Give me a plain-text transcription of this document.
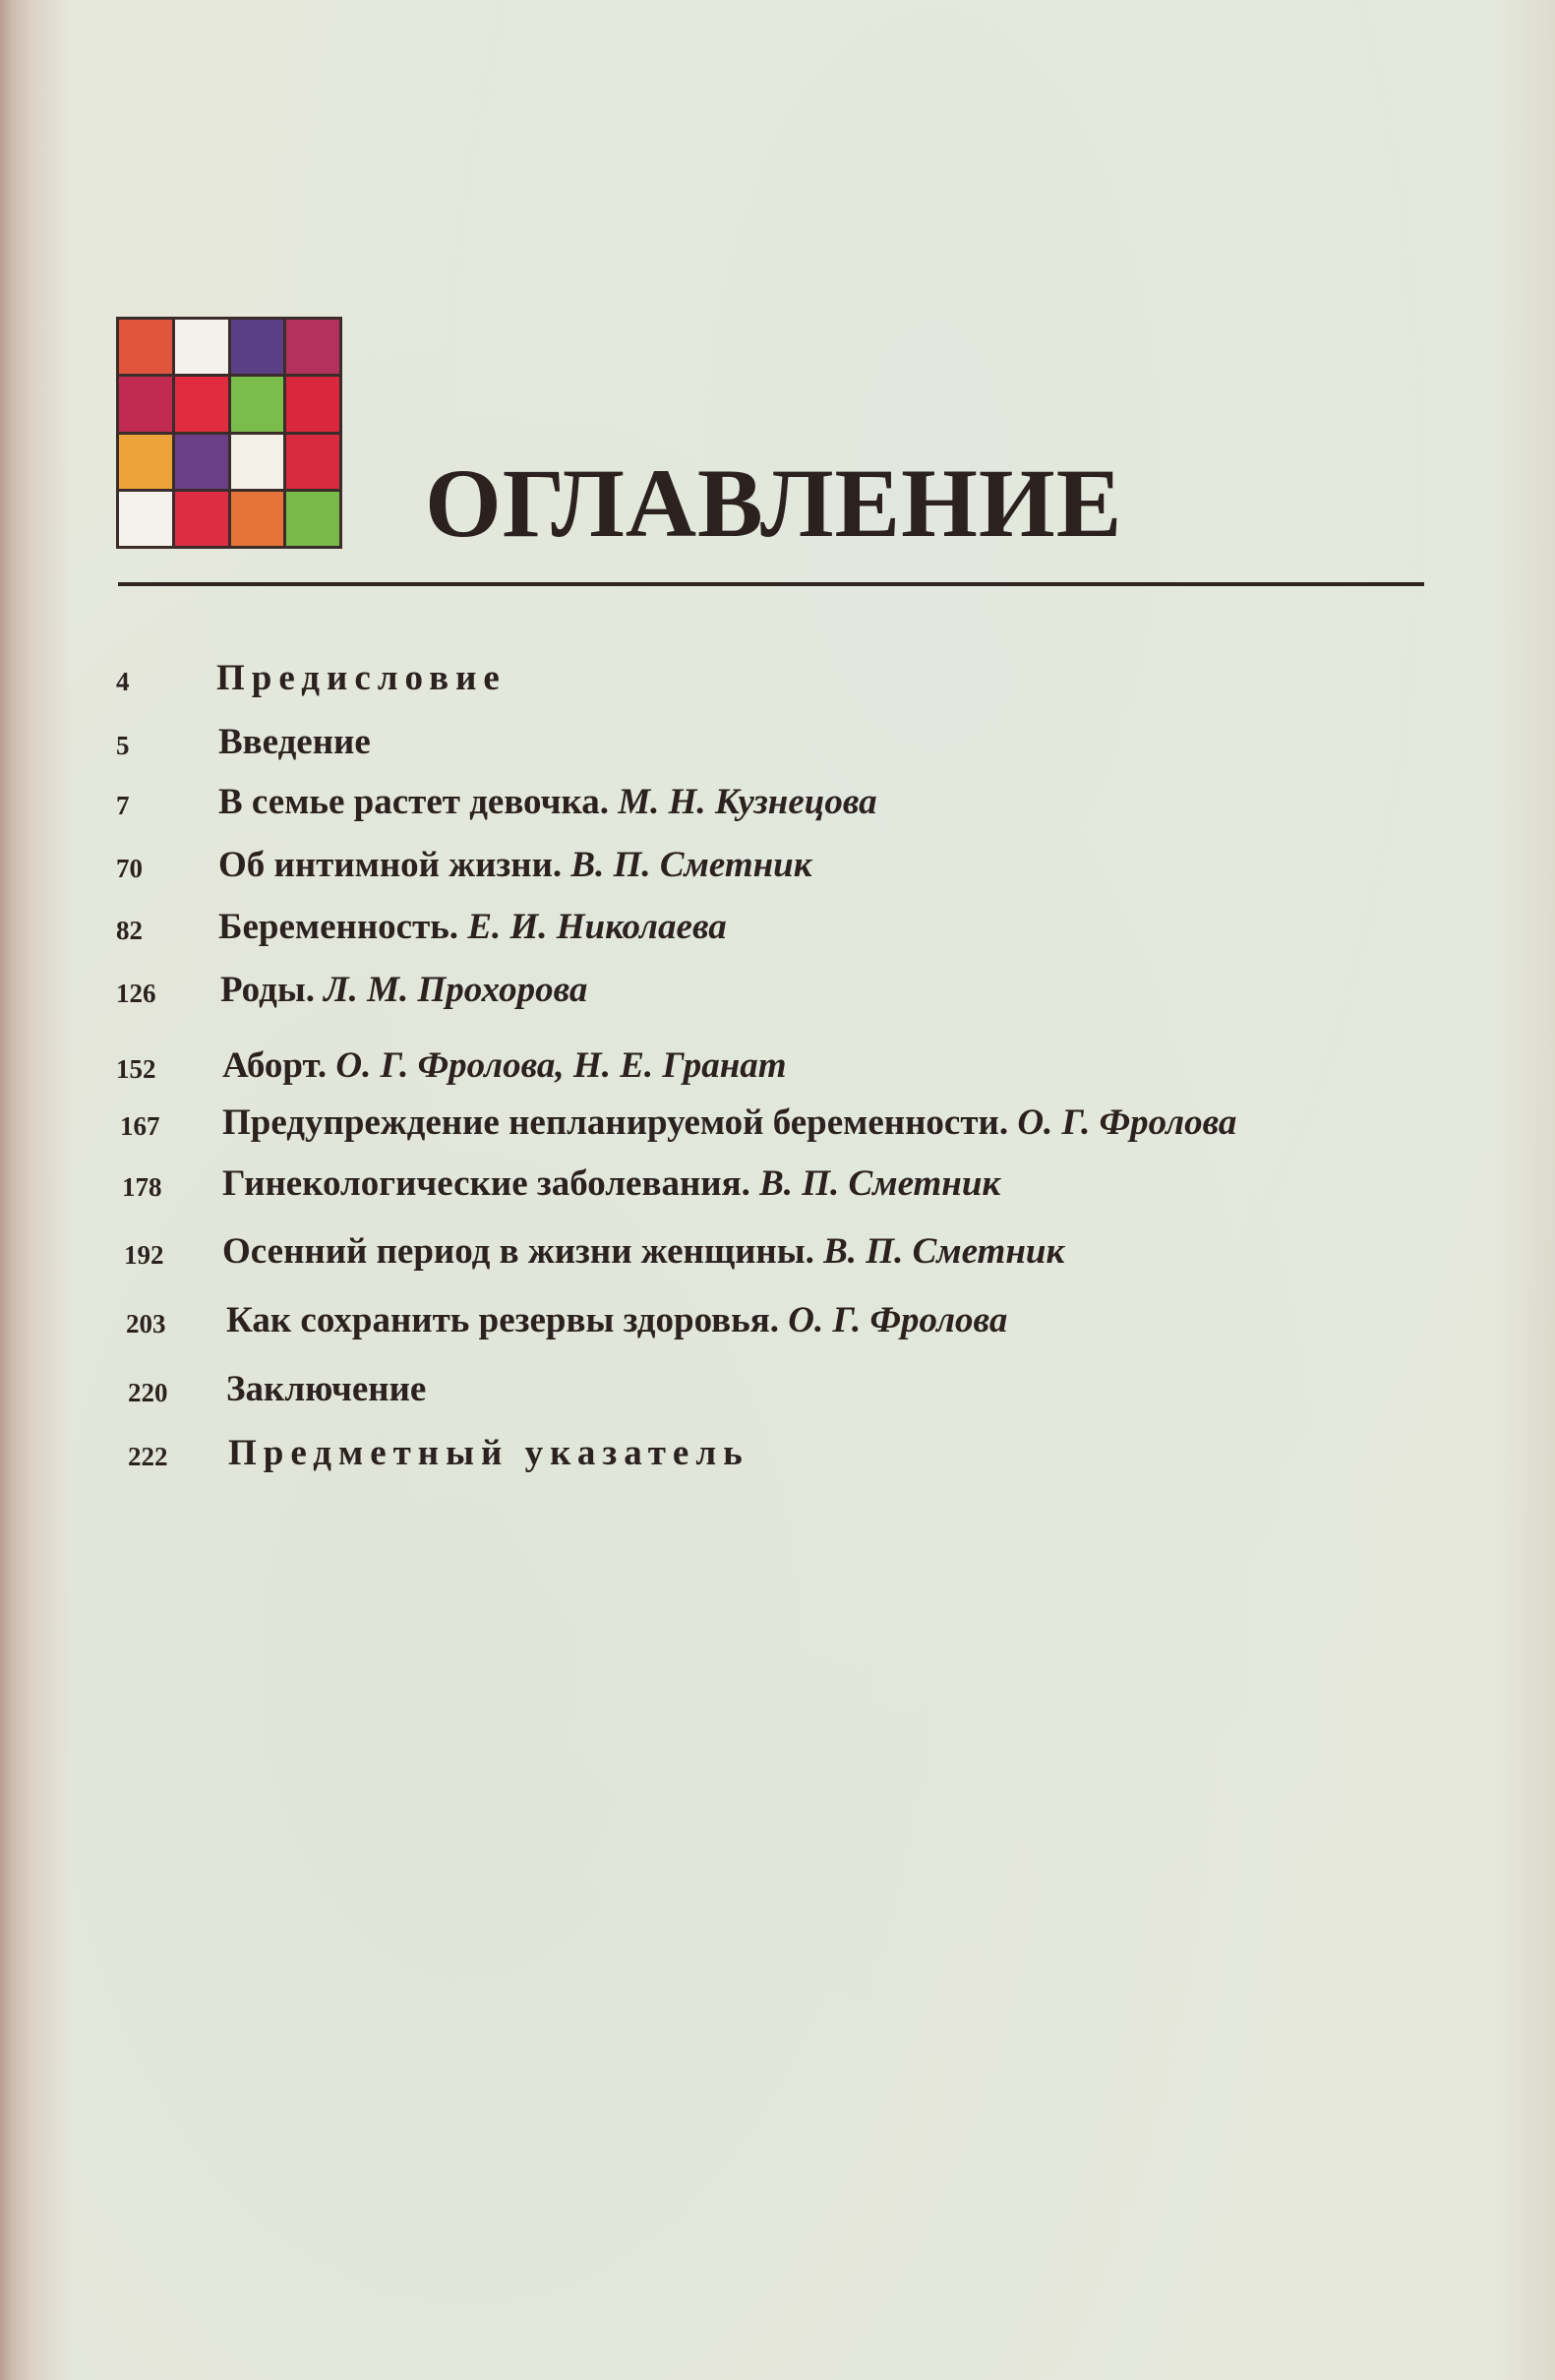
ОГЛАВЛЕНИЕ
4 Предисловие
5 Введение
7 В семье растет девочка. М. Н. Кузнецова
70 Об интимной жизни. В. П. Сметник
82 Беременность. Е. И. Николаева
126 Роды. Л. М. Прохорова
152 Аборт. О. Г. Фролова, Н. Е. Гранат
167 Предупреждение непланируемой беременности. О. Г. Фролова
178 Гинекологические заболевания. В. П. Сметник
192 Осенний период в жизни женщины. В. П. Сметник
203 Как сохранить резервы здоровья. О. Г. Фролова
220 Заключение
222 Предметный указатель
